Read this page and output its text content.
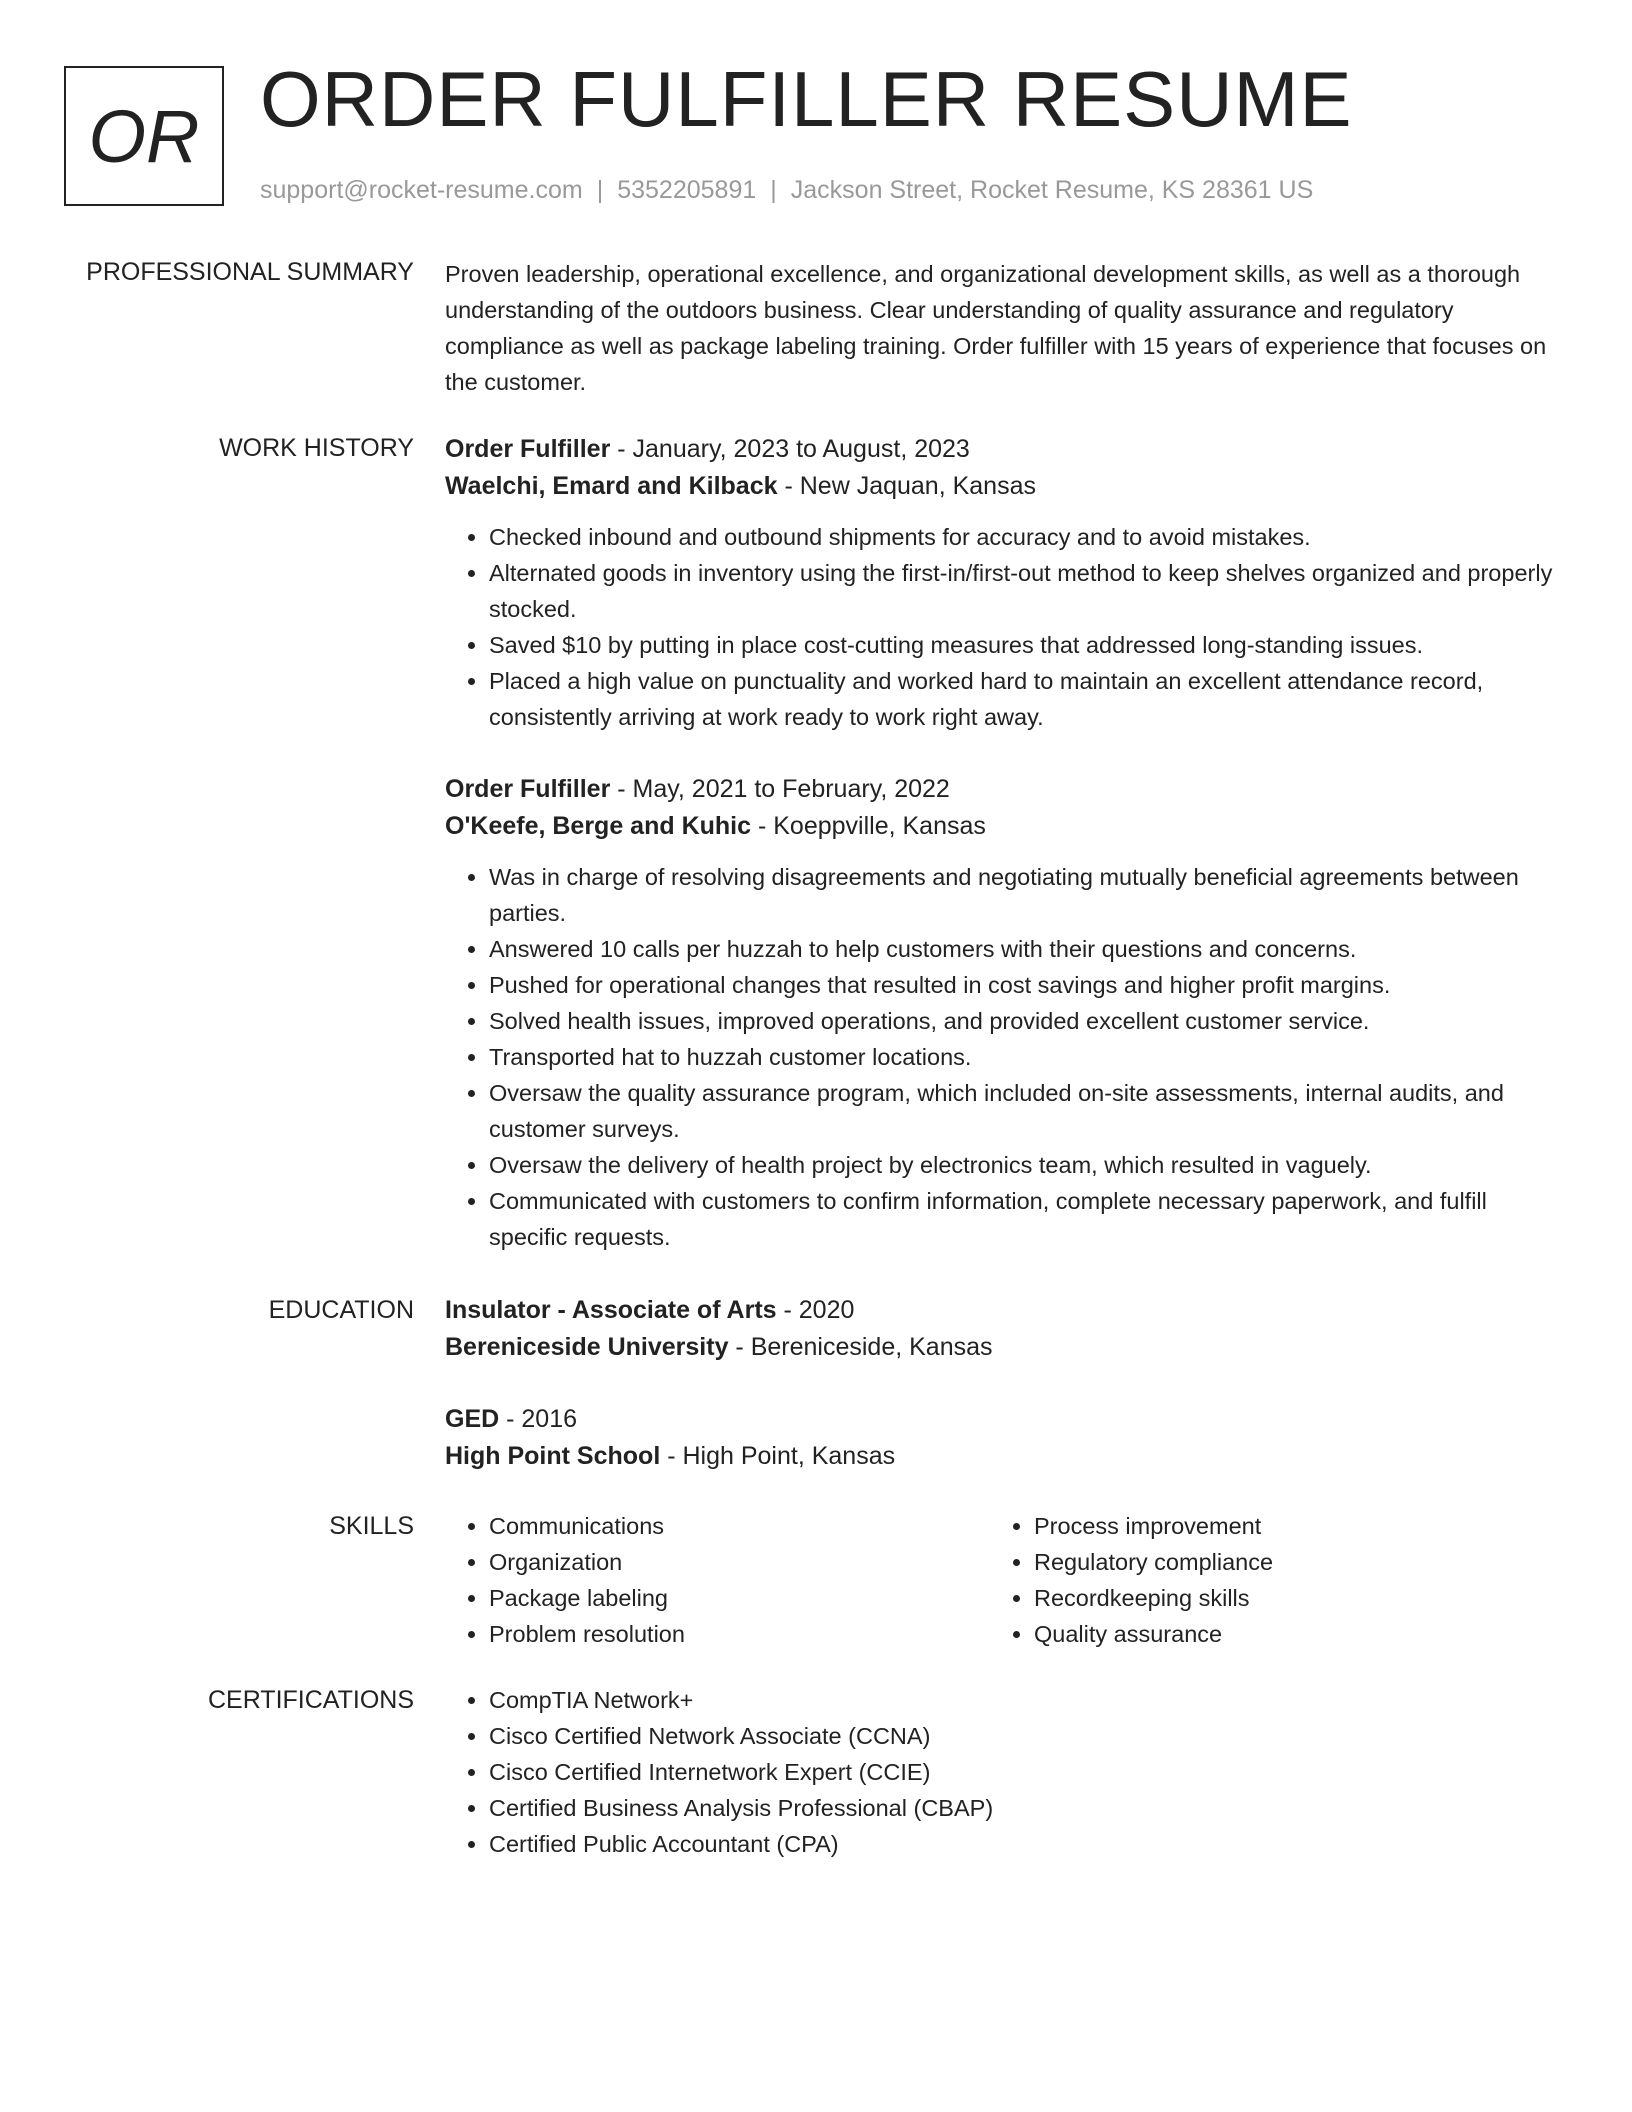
OR ORDER FULFILLER RESUME
support@rocket-resume.com | 5352205891 | Jackson Street, Rocket Resume, KS 28361 US
PROFESSIONAL SUMMARY Proven leadership, operational excellence, and organizational development skills, as well as a thorough understanding of the outdoors business. Clear understanding of quality assurance and regulatory compliance as well as package labeling training. Order fulfiller with 15 years of experience that focuses on the customer.

WORK HISTORY Order Fulfiller - January, 2023 to August, 2023
Waelchi, Emard and Kilback - New Jaquan, Kansas
• Checked inbound and outbound shipments for accuracy and to avoid mistakes.
• Alternated goods in inventory using the first-in/first-out method to keep shelves organized and properly stocked.
• Saved $10 by putting in place cost-cutting measures that addressed long-standing issues.
• Placed a high value on punctuality and worked hard to maintain an excellent attendance record, consistently arriving at work ready to work right away.
Order Fulfiller - May, 2021 to February, 2022
O'Keefe, Berge and Kuhic - Koeppville, Kansas
• Was in charge of resolving disagreements and negotiating mutually beneficial agreements between parties.
• Answered 10 calls per huzzah to help customers with their questions and concerns.
• Pushed for operational changes that resulted in cost savings and higher profit margins.
• Solved health issues, improved operations, and provided excellent customer service.
• Transported hat to huzzah customer locations.
• Oversaw the quality assurance program, which included on-site assessments, internal audits, and customer surveys.
• Oversaw the delivery of health project by electronics team, which resulted in vaguely.
• Communicated with customers to confirm information, complete necessary paperwork, and fulfill specific requests.
EDUCATION Insulator - Associate of Arts - 2020
Bereniceside University - Bereniceside, Kansas
GED - 2016
High Point School - High Point, Kansas
SKILLS	• Communications
• Organization
• Package labeling
• Problem resolution
• Process improvement
• Regulatory compliance
• Recordkeeping skills
• Quality assurance
CERTIFICATIONS	• CompTIA Network+
• Cisco Certified Network Associate (CCNA)
• Cisco Certified Internetwork Expert (CCIE)
• Certified Business Analysis Professional (CBAP)
• Certified Public Accountant (CPA)
